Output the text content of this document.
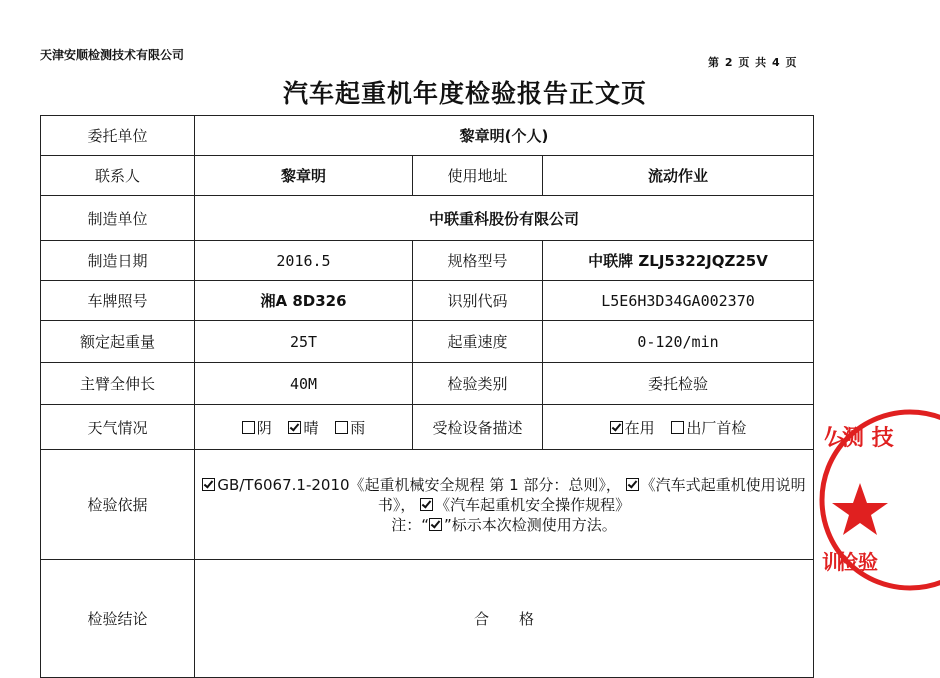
天津安顺检测技术有限公司
第 2 页 共 4 页
汽车起重机年度检验报告正文页
委托单位	黎章明(个人)		
联系人	黎章明	使用地址	流动作业
制造单位	中联重科股份有限公司		
制造日期	2016.5	规格型号	中联牌 ZLJ5322JQZ25V
车牌照号	湘A 8D326	识别代码	L5E6H3D34GA002370
额定起重量	25T	起重速度	0-120/min
主臂全伸长	40M	检验类别	委托检验
天气情况	阴 晴 雨	受检设备描述	在用 出厂首检
检验依据	GB/T6067.1-2010《起重机械安全规程 第 1 部分：总则》， 《汽车式起重机使用说明书》， 《汽车起重机安全操作规程》
注：“ ”标示本次检测使用方法。		
检验结论	合　　格		
么
测 技
训
检验
